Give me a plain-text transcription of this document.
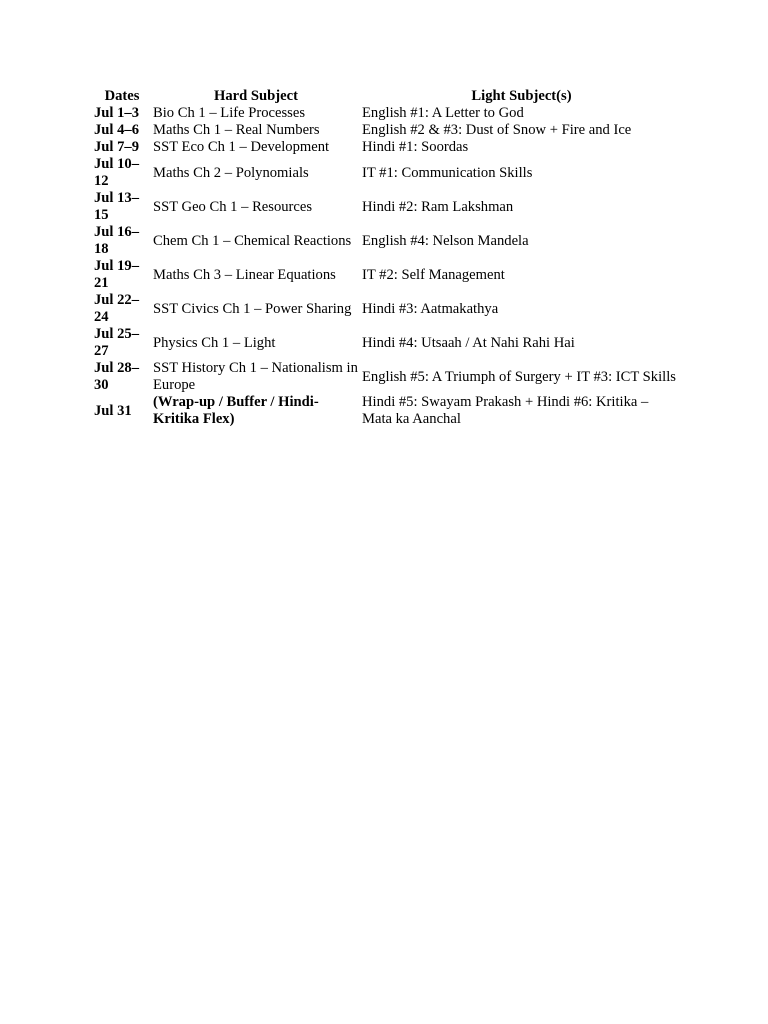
Dates	Hard Subject	Light Subject(s)
Jul 1–3	Bio Ch 1 – Life Processes	English #1: A Letter to God
Jul 4–6	Maths Ch 1 – Real Numbers	English #2 & #3: Dust of Snow + Fire and Ice
Jul 7–9	SST Eco Ch 1 – Development	Hindi #1: Soordas
Jul 10–12	Maths Ch 2 – Polynomials	IT #1: Communication Skills
Jul 13–15	SST Geo Ch 1 – Resources	Hindi #2: Ram Lakshman
Jul 16–18	Chem Ch 1 – Chemical Reactions	English #4: Nelson Mandela
Jul 19–21	Maths Ch 3 – Linear Equations	IT #2: Self Management
Jul 22–24	SST Civics Ch 1 – Power Sharing	Hindi #3: Aatmakathya
Jul 25–27	Physics Ch 1 – Light	Hindi #4: Utsaah / At Nahi Rahi Hai
Jul 28–30	SST History Ch 1 – Nationalism in Europe	English #5: A Triumph of Surgery + IT #3: ICT Skills
Jul 31	(Wrap-up / Buffer / Hindi-Kritika Flex)	Hindi #5: Swayam Prakash + Hindi #6: Kritika – Mata ka Aanchal
